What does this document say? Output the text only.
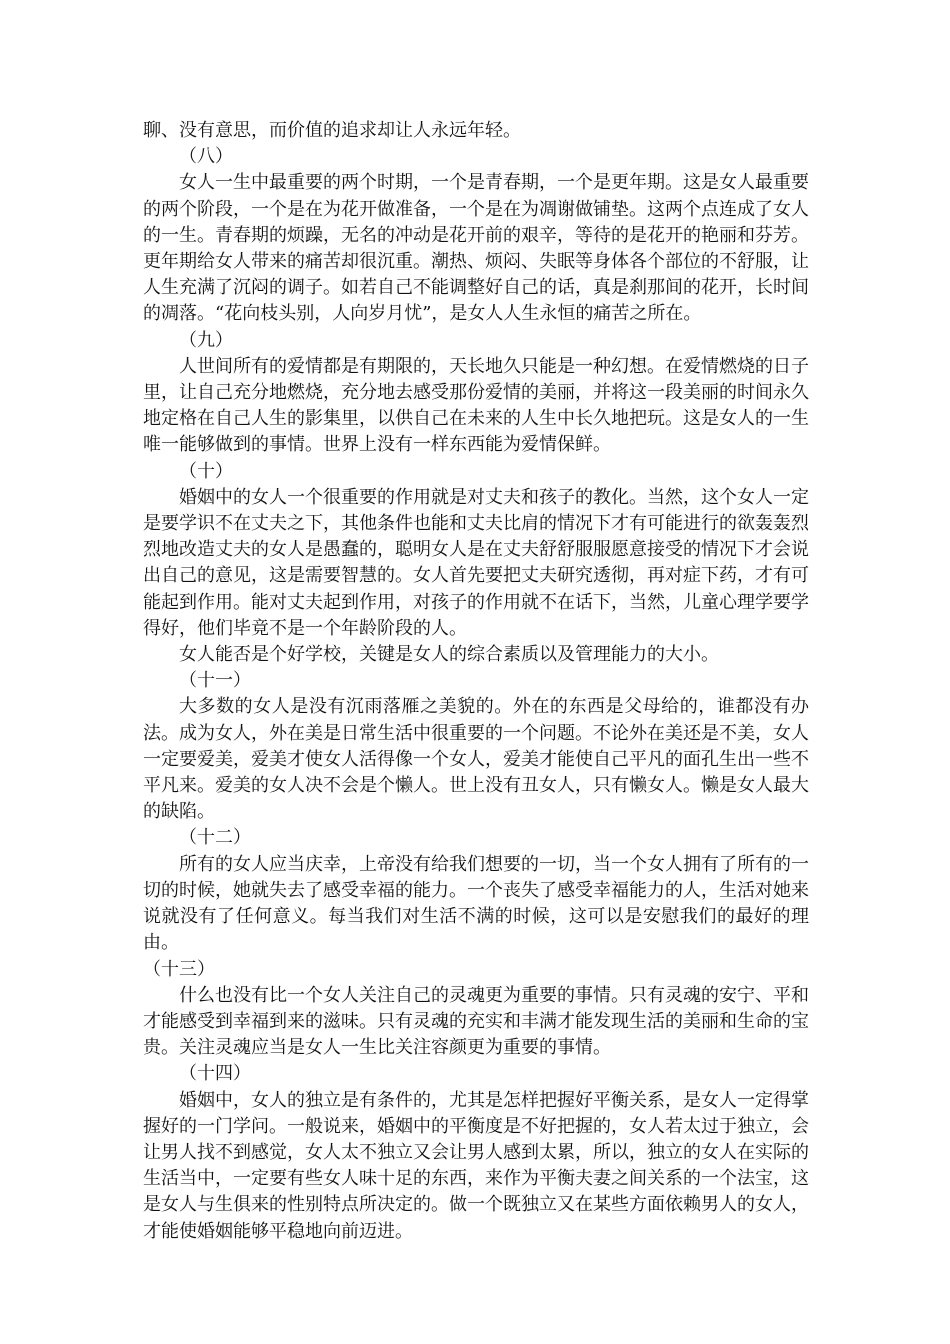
聊、没有意思，而价值的追求却让人永远年轻。

（八）

女人一生中最重要的两个时期，一个是青春期，一个是更年期。这是女人最重要的两个阶段，一个是在为花开做准备，一个是在为凋谢做铺垫。这两个点连成了女人的一生。青春期的烦躁，无名的冲动是花开前的艰辛，等待的是花开的艳丽和芬芳。更年期给女人带来的痛苦却很沉重。潮热、烦闷、失眠等身体各个部位的不舒服，让人生充满了沉闷的调子。如若自己不能调整好自己的话，真是刹那间的花开，长时间的凋落。“花向枝头别，人向岁月忧”，是女人人生永恒的痛苦之所在。

（九）

人世间所有的爱情都是有期限的，天长地久只能是一种幻想。在爱情燃烧的日子里，让自己充分地燃烧，充分地去感受那份爱情的美丽，并将这一段美丽的时间永久地定格在自己人生的影集里，以供自己在未来的人生中长久地把玩。这是女人的一生唯一能够做到的事情。世界上没有一样东西能为爱情保鲜。

（十）

婚姻中的女人一个很重要的作用就是对丈夫和孩子的教化。当然，这个女人一定是要学识不在丈夫之下，其他条件也能和丈夫比肩的情况下才有可能进行的欲轰轰烈烈地改造丈夫的女人是愚蠢的，聪明女人是在丈夫舒舒服服愿意接受的情况下才会说出自己的意见，这是需要智慧的。女人首先要把丈夫研究透彻，再对症下药，才有可能起到作用。能对丈夫起到作用，对孩子的作用就不在话下，当然，儿童心理学要学得好，他们毕竟不是一个年龄阶段的人。

女人能否是个好学校，关键是女人的综合素质以及管理能力的大小。

（十一）

大多数的女人是没有沉雨落雁之美貌的。外在的东西是父母给的，谁都没有办法。成为女人，外在美是日常生活中很重要的一个问题。不论外在美还是不美，女人一定要爱美，爱美才使女人活得像一个女人，爱美才能使自己平凡的面孔生出一些不平凡来。爱美的女人决不会是个懒人。世上没有丑女人，只有懒女人。懒是女人最大的缺陷。

（十二）

所有的女人应当庆幸，上帝没有给我们想要的一切，当一个女人拥有了所有的一切的时候，她就失去了感受幸福的能力。一个丧失了感受幸福能力的人，生活对她来说就没有了任何意义。每当我们对生活不满的时候，这可以是安慰我们的最好的理由。

（十三）

什么也没有比一个女人关注自己的灵魂更为重要的事情。只有灵魂的安宁、平和才能感受到幸福到来的滋味。只有灵魂的充实和丰满才能发现生活的美丽和生命的宝贵。关注灵魂应当是女人一生比关注容颜更为重要的事情。

（十四）

婚姻中，女人的独立是有条件的，尤其是怎样把握好平衡关系，是女人一定得掌握好的一门学问。一般说来，婚姻中的平衡度是不好把握的，女人若太过于独立，会让男人找不到感觉，女人太不独立又会让男人感到太累，所以，独立的女人在实际的生活当中，一定要有些女人味十足的东西，来作为平衡夫妻之间关系的一个法宝，这是女人与生俱来的性别特点所决定的。做一个既独立又在某些方面依赖男人的女人，才能使婚姻能够平稳地向前迈进。
